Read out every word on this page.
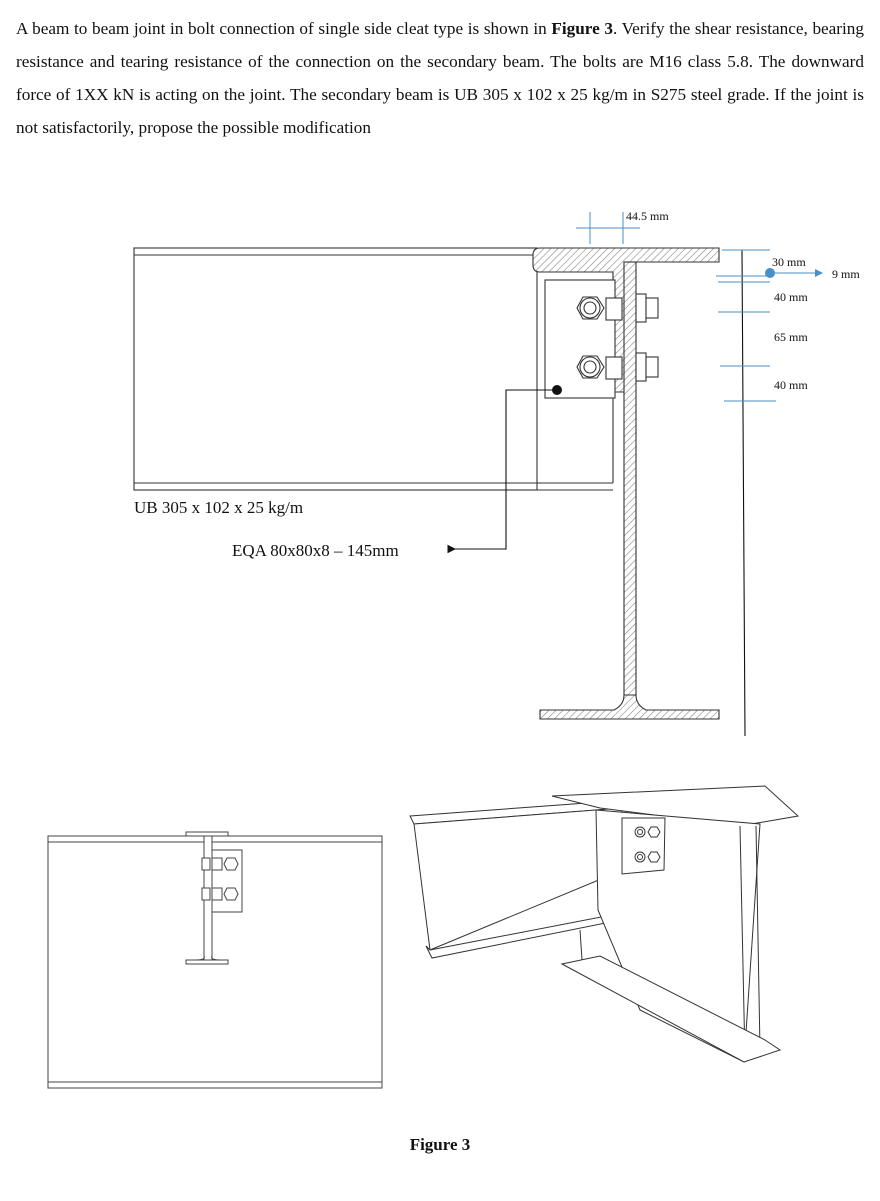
A beam to beam joint in bolt connection of single side cleat type is shown in Figure 3. Verify the shear resistance, bearing resistance and tearing resistance of the connection on the secondary beam. The bolts are M16 class 5.8. The downward force of 1XX kN is acting on the joint. The secondary beam is UB 305 x 102 x 25 kg/m in S275 steel grade. If the joint is not satisfactorily, propose the possible modification
44.5 mm
30 mm
9 mm
40 mm
65 mm
40 mm
UB 305 x 102 x 25 kg/m
EQA 80x80x8 – 145mm
Figure 3
